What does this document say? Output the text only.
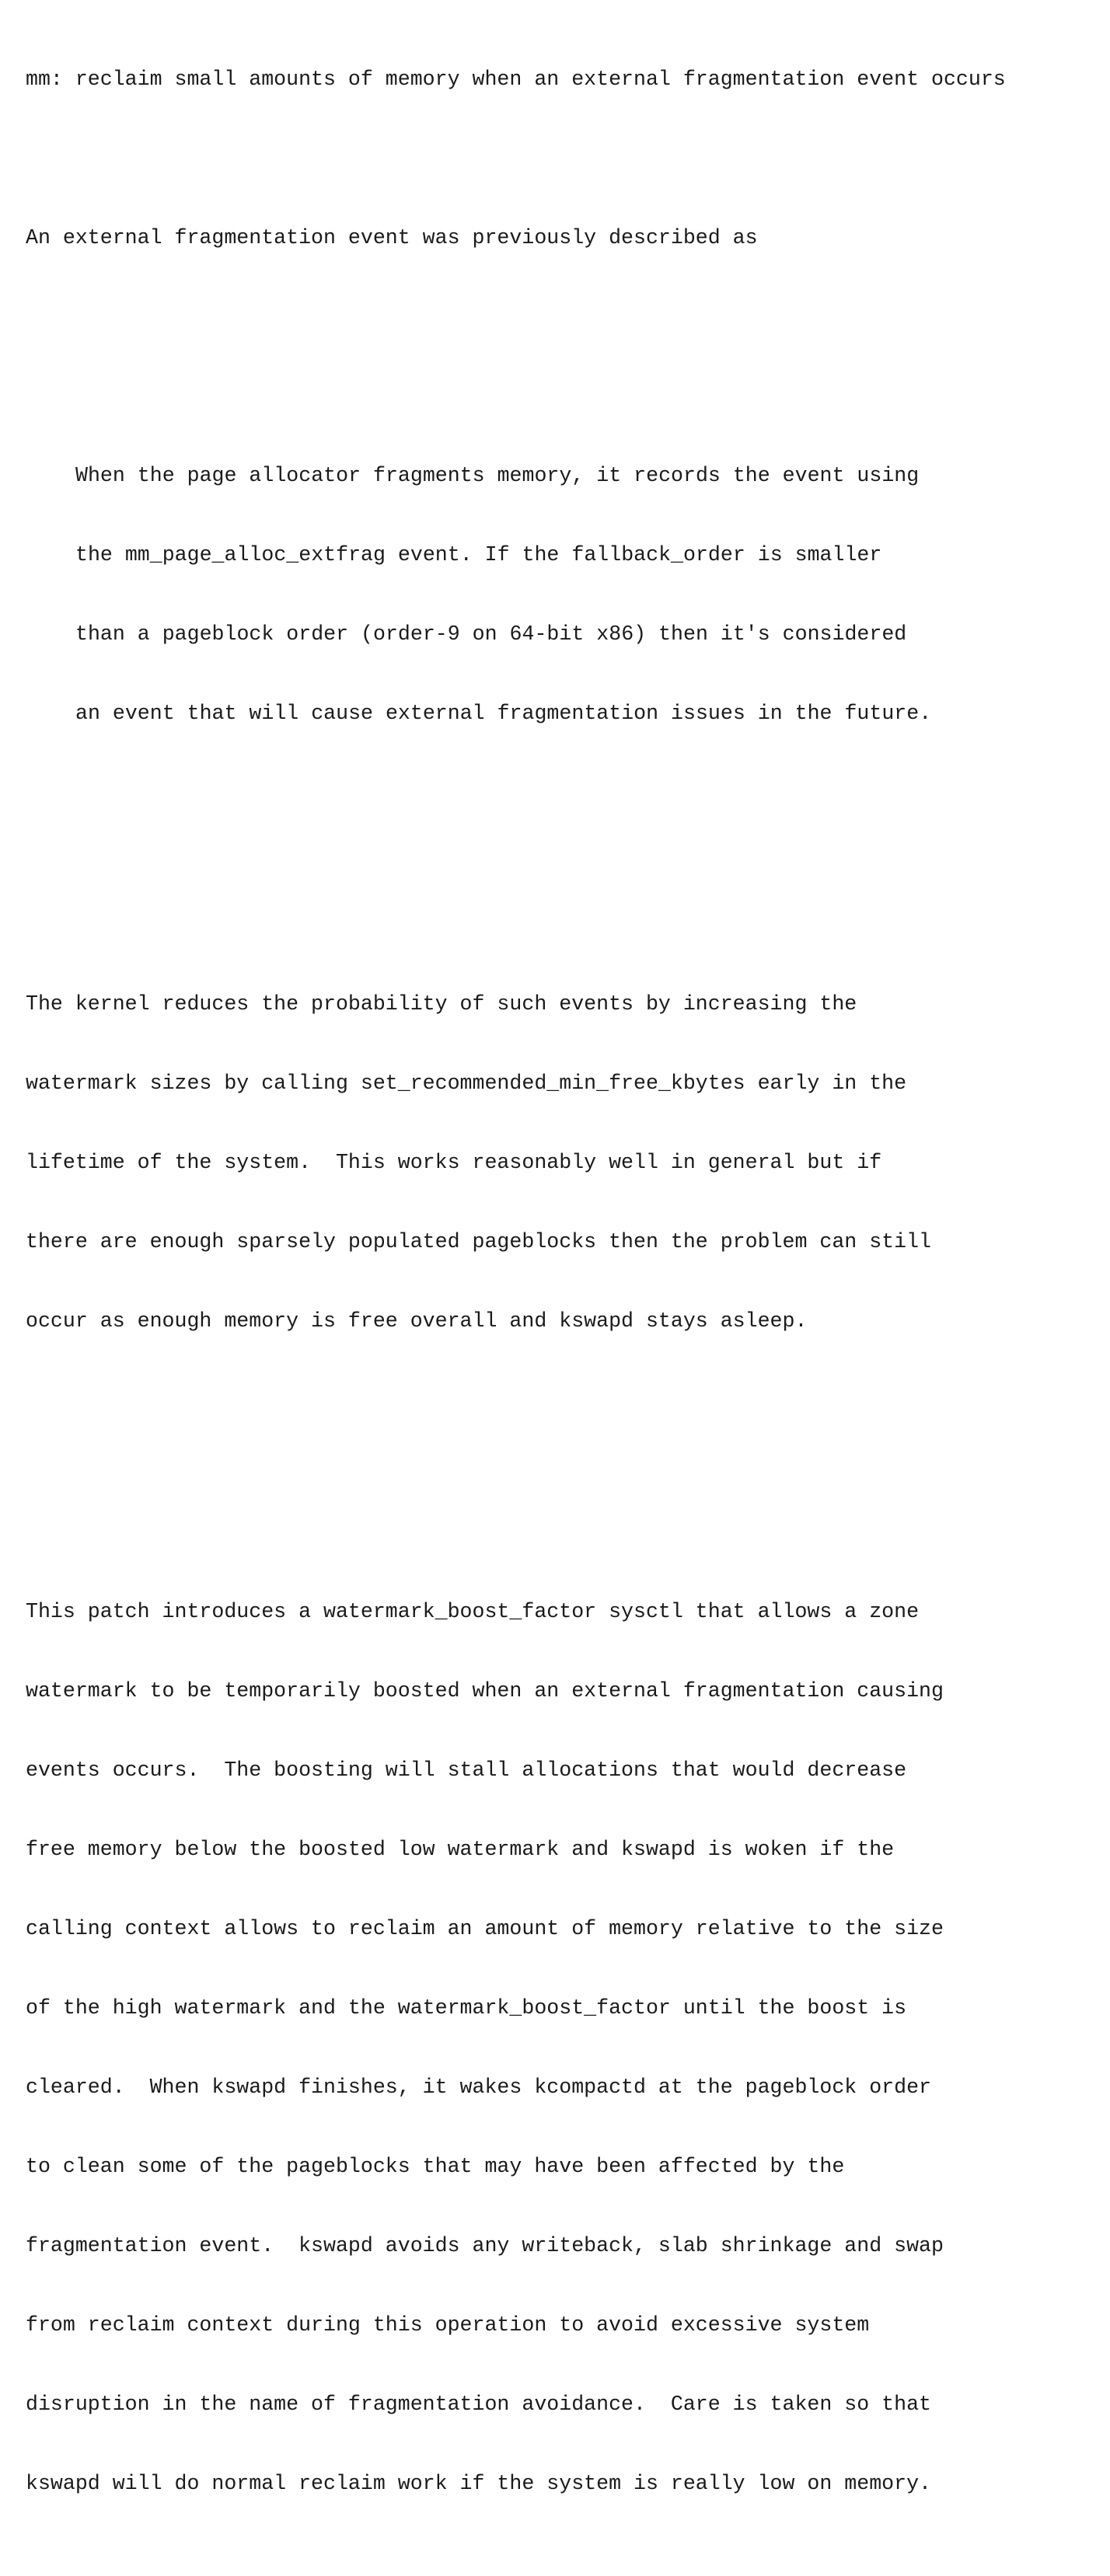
mm: reclaim small amounts of memory when an external fragmentation event occurs

An external fragmentation event was previously described as

When the page allocator fragments memory, it records the event using

the mm_page_alloc_extfrag event. If the fallback_order is smaller

than a pageblock order (order-9 on 64-bit x86) then it's considered

an event that will cause external fragmentation issues in the future.

The kernel reduces the probability of such events by increasing the

watermark sizes by calling set_recommended_min_free_kbytes early in the

lifetime of the system.  This works reasonably well in general but if

there are enough sparsely populated pageblocks then the problem can still

occur as enough memory is free overall and kswapd stays asleep.

This patch introduces a watermark_boost_factor sysctl that allows a zone

watermark to be temporarily boosted when an external fragmentation causing

events occurs.  The boosting will stall allocations that would decrease

free memory below the boosted low watermark and kswapd is woken if the

calling context allows to reclaim an amount of memory relative to the size

of the high watermark and the watermark_boost_factor until the boost is

cleared.  When kswapd finishes, it wakes kcompactd at the pageblock order

to clean some of the pageblocks that may have been affected by the

fragmentation event.  kswapd avoids any writeback, slab shrinkage and swap

from reclaim context during this operation to avoid excessive system

disruption in the name of fragmentation avoidance.  Care is taken so that

kswapd will do normal reclaim work if the system is really low on memory.
